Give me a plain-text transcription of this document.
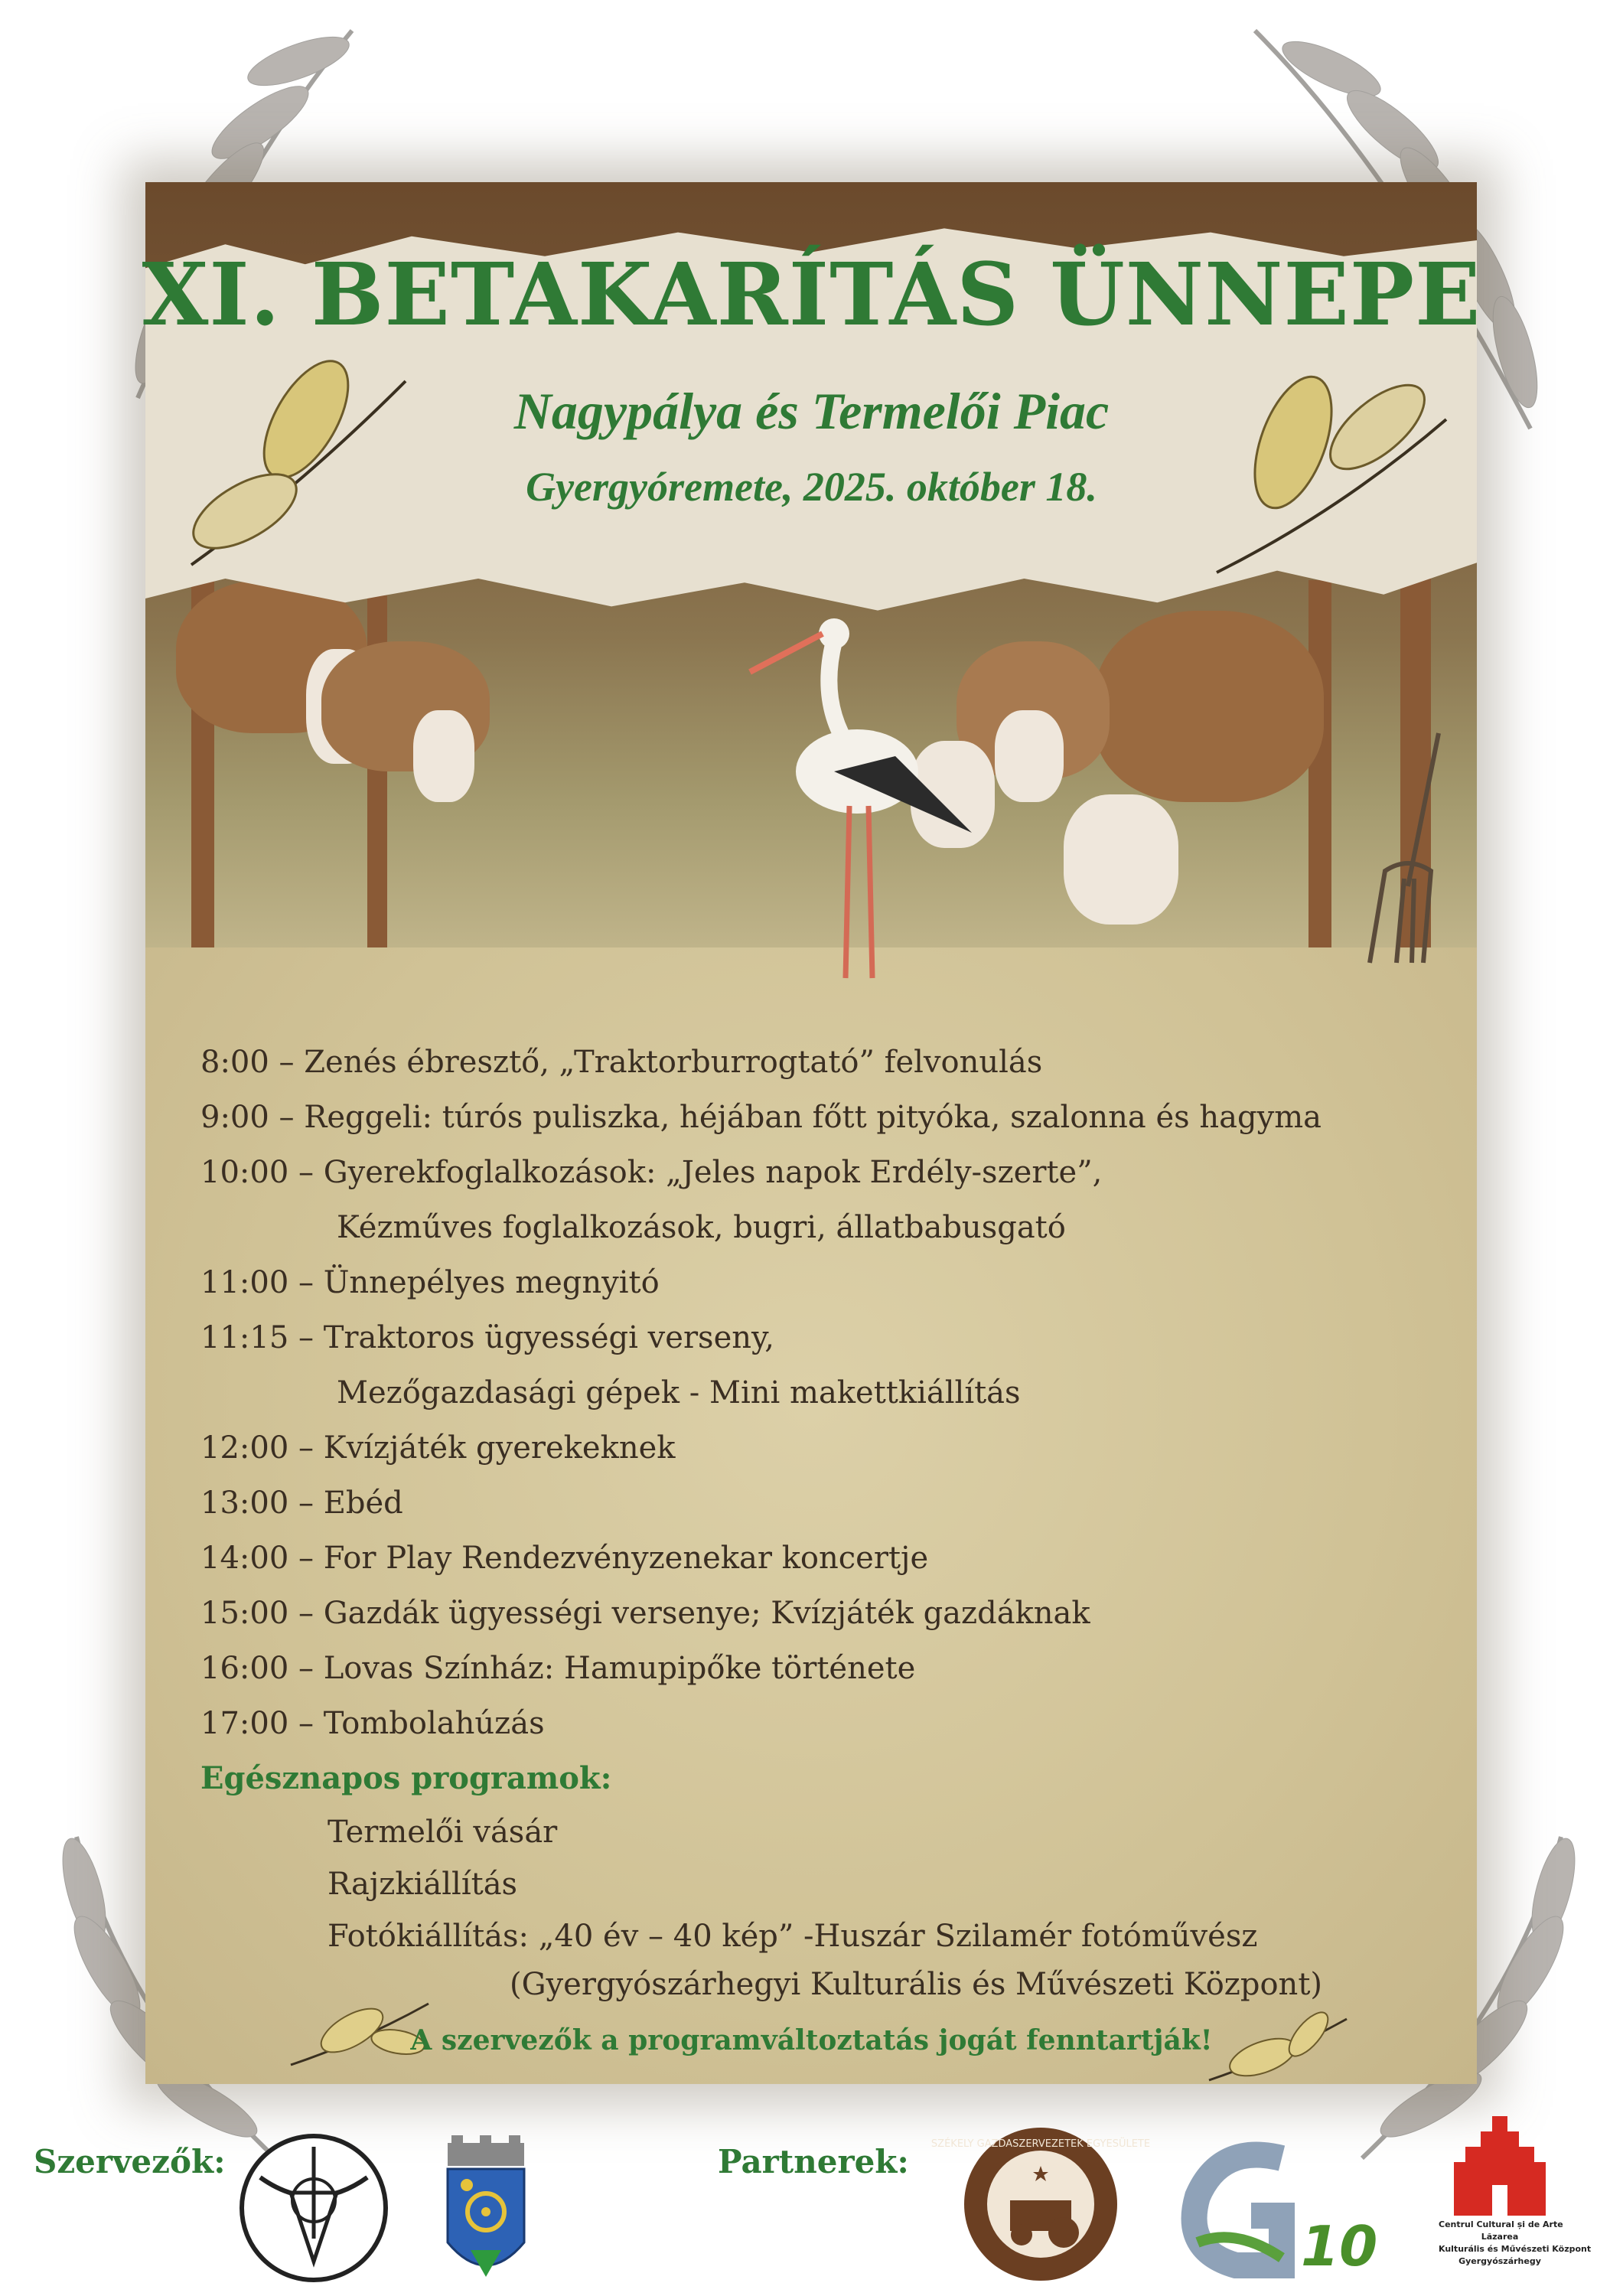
XI. BETAKARÍTÁS ÜNNEPE
Nagypálya és Termelői Piac
Gyergyóremete, 2025. október 18.
8:00 – Zenés ébresztő, „Traktorburrogtató” felvonulás
9:00 – Reggeli: túrós puliszka, héjában főtt pityóka, szalonna és hagyma
10:00 – Gyerekfoglalkozások: „Jeles napok Erdély-szerte”,
Kézműves foglalkozások, bugri, állatbabusgató
11:00 – Ünnepélyes megnyitó
11:15 – Traktoros ügyességi verseny,
Mezőgazdasági gépek - Mini makettkiállítás
12:00 – Kvízjáték gyerekeknek
13:00 – Ebéd
14:00 – For Play Rendezvényzenekar koncertje
15:00 – Gazdák ügyességi versenye; Kvízjáték gazdáknak
16:00 – Lovas Színház: Hamupipőke története
17:00 – Tombolahúzás
Egésznapos programok:
Termelői vásár
Rajzkiállítás
Fotókiállítás: „40 év – 40 kép” -Huszár Szilamér fotóművész
(Gyergyószárhegyi Kulturális és Művészeti Központ)
A szervezők a programváltoztatás jogát fenntartják!
Szervezők:	Partnerek: SZÉKELY GAZDASZERVEZETEK EGYESÜLETE
10	Centrul Cultural și de Arte
Lăzarea
Kulturális és Művészeti Központ
Gyergyószárhegy
